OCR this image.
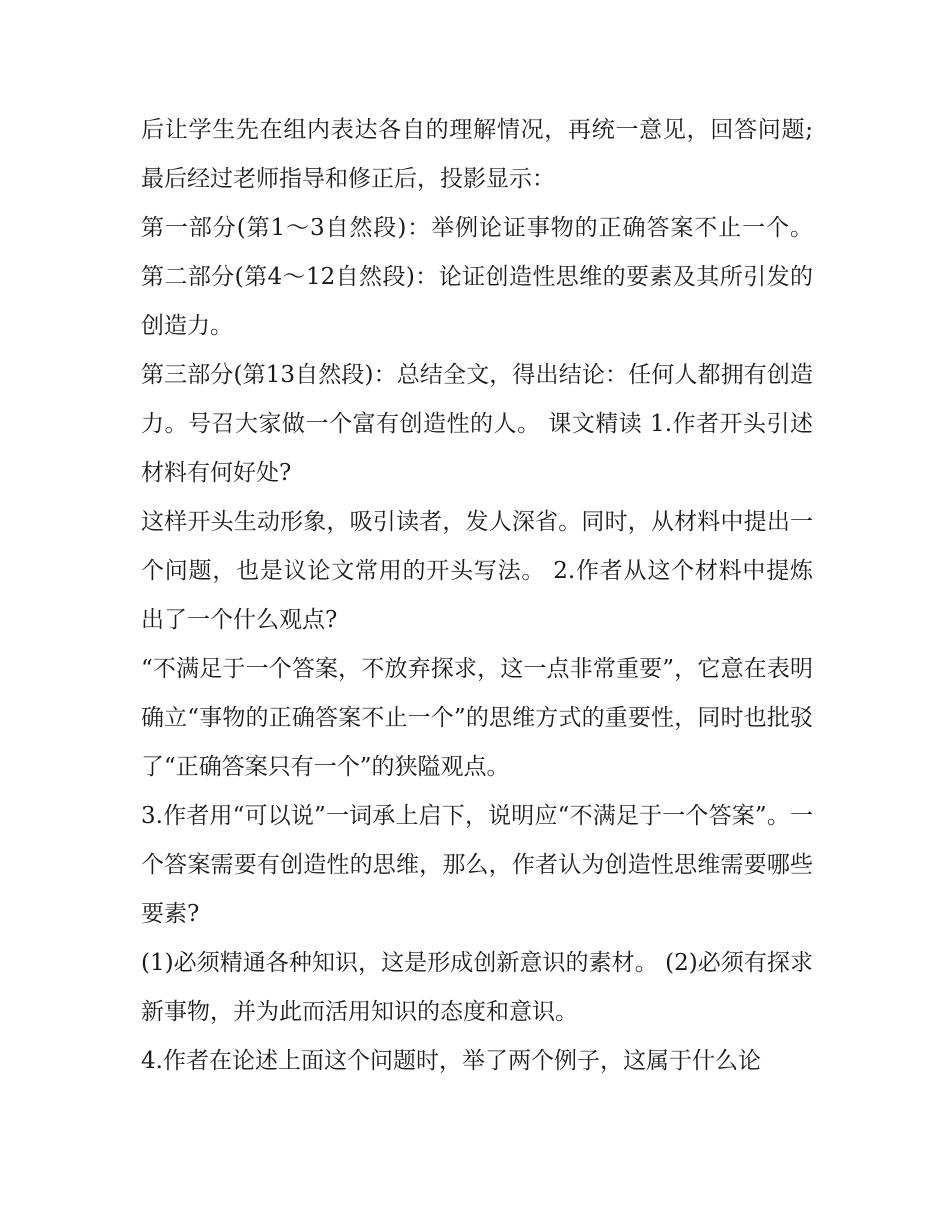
后让学生先在组内表达各自的理解情况，再统一意见，回答问题;最后经过老师指导和修正后，投影显示：

第一部分(第1～3自然段)：举例论证事物的正确答案不止一个。 第二部分(第4～12自然段)：论证创造性思维的要素及其所引发的创造力。

第三部分(第13自然段)：总结全文，得出结论：任何人都拥有创造力。号召大家做一个富有创造性的人。 课文精读 1.作者开头引述材料有何好处?

这样开头生动形象，吸引读者，发人深省。同时，从材料中提出一个问题，也是议论文常用的开头写法。 2.作者从这个材料中提炼出了一个什么观点?

“不满足于一个答案，不放弃探求，这一点非常重要”，它意在表明确立“事物的正确答案不止一个”的思维方式的重要性，同时也批驳了“正确答案只有一个”的狭隘观点。

3.作者用“可以说”一词承上启下，说明应“不满足于一个答案”。一个答案需要有创造性的思维，那么，作者认为创造性思维需要哪些要素?

(1)必须精通各种知识，这是形成创新意识的素材。 (2)必须有探求新事物，并为此而活用知识的态度和意识。

4.作者在论述上面这个问题时，举了两个例子，这属于什么论
